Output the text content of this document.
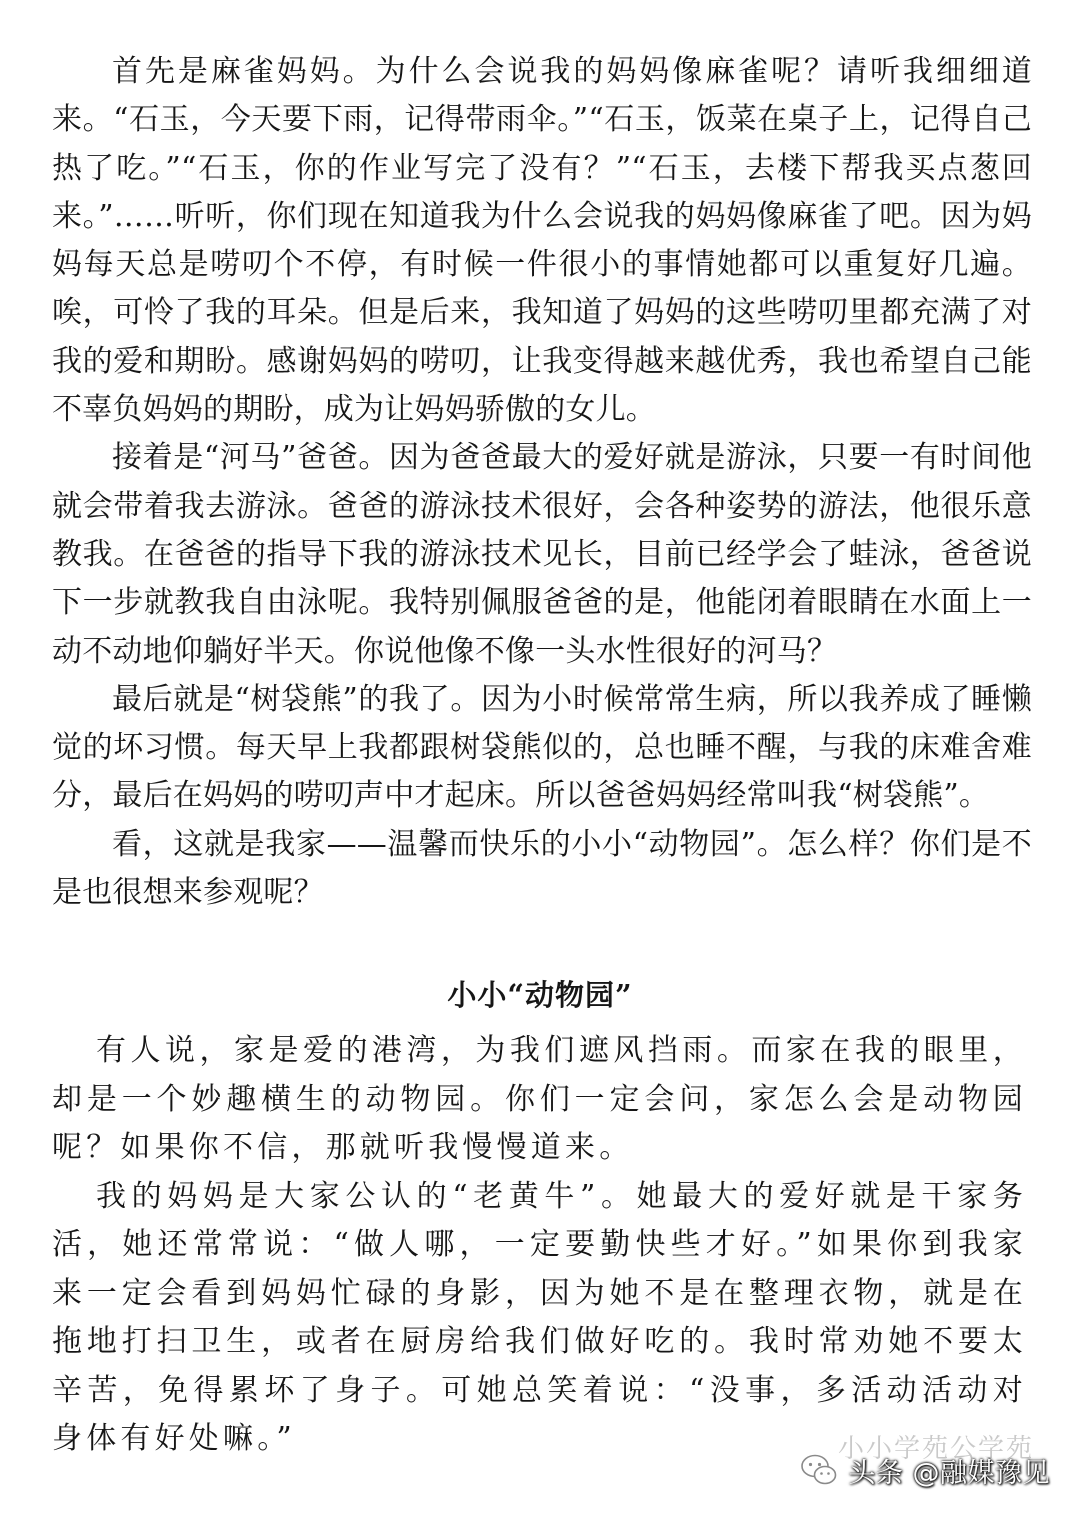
首先是麻雀妈妈。为什么会说我的妈妈像麻雀呢？请听我细细道来。“石玉，今天要下雨，记得带雨伞。”“石玉，饭菜在桌子上，记得自己热了吃。”“石玉，你的作业写完了没有？”“石玉，去楼下帮我买点葱回来。”……听听，你们现在知道我为什么会说我的妈妈像麻雀了吧。因为妈妈每天总是唠叨个不停，有时候一件很小的事情她都可以重复好几遍。唉，可怜了我的耳朵。但是后来，我知道了妈妈的这些唠叨里都充满了对我的爱和期盼。感谢妈妈的唠叨，让我变得越来越优秀，我也希望自己能不辜负妈妈的期盼，成为让妈妈骄傲的女儿。

接着是“河马”爸爸。因为爸爸最大的爱好就是游泳，只要一有时间他就会带着我去游泳。爸爸的游泳技术很好，会各种姿势的游法，他很乐意教我。在爸爸的指导下我的游泳技术见长，目前已经学会了蛙泳，爸爸说下一步就教我自由泳呢。我特别佩服爸爸的是，他能闭着眼睛在水面上一动不动地仰躺好半天。你说他像不像一头水性很好的河马？

最后就是“树袋熊”的我了。因为小时候常常生病，所以我养成了睡懒觉的坏习惯。每天早上我都跟树袋熊似的，总也睡不醒，与我的床难舍难分，最后在妈妈的唠叨声中才起床。所以爸爸妈妈经常叫我“树袋熊”。

看，这就是我家——温馨而快乐的小小“动物园”。怎么样？你们是不是也很想来参观呢？

小小“动物园”

有人说，家是爱的港湾，为我们遮风挡雨。而家在我的眼里，却是一个妙趣横生的动物园。你们一定会问，家怎么会是动物园呢？如果你不信，那就听我慢慢道来。

我的妈妈是大家公认的“老黄牛”。她最大的爱好就是干家务活，她还常常说：“做人哪，一定要勤快些才好。”如果你到我家来一定会看到妈妈忙碌的身影，因为她不是在整理衣物，就是在拖地打扫卫生，或者在厨房给我们做好吃的。我时常劝她不要太辛苦，免得累坏了身子。可她总笑着说：“没事，多活动活动对身体有好处嘛。”	小小学苑公学苑
头条 @融媒豫见
